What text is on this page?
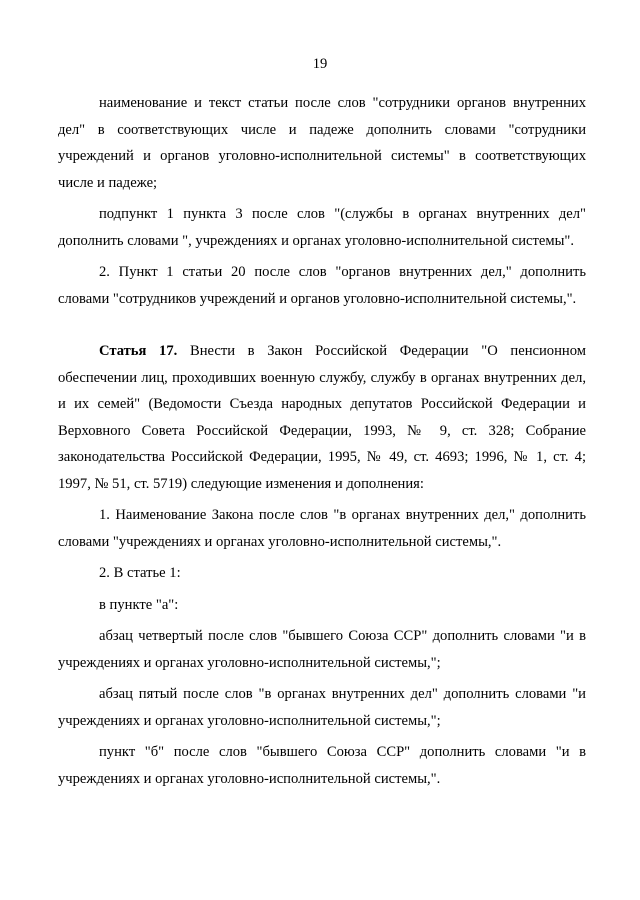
19

наименование и текст статьи после слов "сотрудники органов внутренних дел" в соответствующих числе и падеже дополнить словами "сотрудники учреждений и органов уголовно-исполнительной системы" в соответствующих числе и падеже;

подпункт 1 пункта 3 после слов "(службы в органах внутренних дел" дополнить словами ", учреждениях и органах уголовно-исполнительной системы".

2. Пункт 1 статьи 20 после слов "органов внутренних дел," дополнить словами "сотрудников учреждений и органов уголовно-исполнительной системы,".

Статья 17. Внести в Закон Российской Федерации "О пенсионном обеспечении лиц, проходивших военную службу, службу в органах внутренних дел, и их семей" (Ведомости Съезда народных депутатов Российской Федерации и Верховного Совета Российской Федерации, 1993, № 9, ст. 328; Собрание законодательства Российской Федерации, 1995, № 49, ст. 4693; 1996, № 1, ст. 4; 1997, № 51, ст. 5719) следующие изменения и дополнения:

1. Наименование Закона после слов "в органах внутренних дел," дополнить словами "учреждениях и органах уголовно-исполнительной системы,".

2. В статье 1:

в пункте "а":

абзац четвертый после слов "бывшего Союза ССР" дополнить словами "и в учреждениях и органах уголовно-исполнительной системы,";

абзац пятый после слов "в органах внутренних дел" дополнить словами "и учреждениях и органах уголовно-исполнительной системы,";

пункт "б" после слов "бывшего Союза ССР" дополнить словами "и в учреждениях и органах уголовно-исполнительной системы,".
